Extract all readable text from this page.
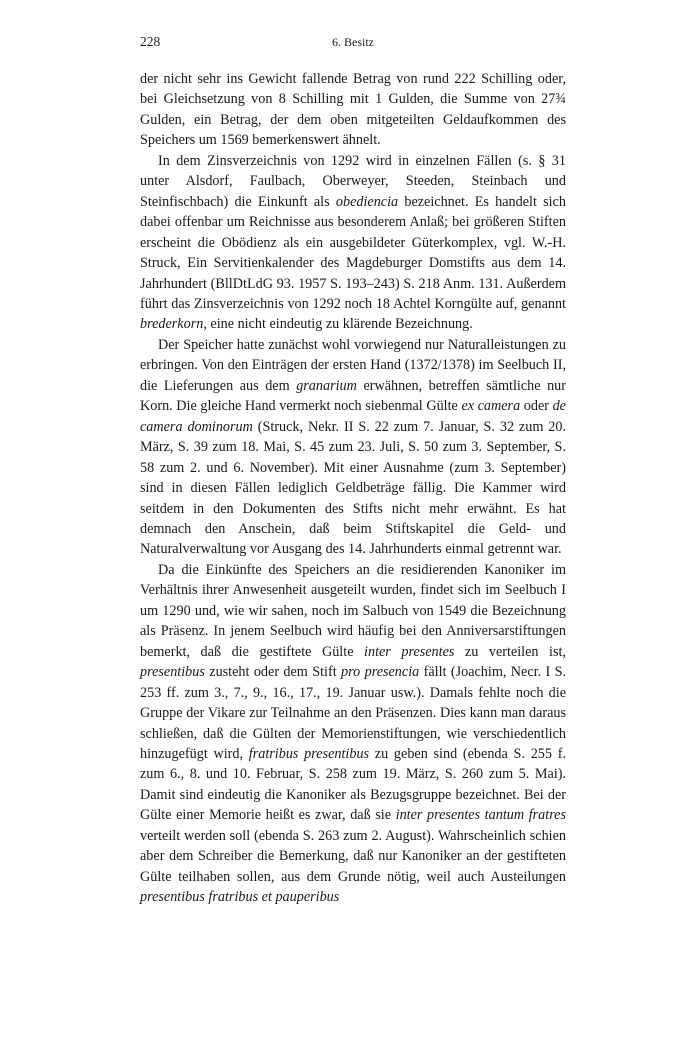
228	6. Besitz

der nicht sehr ins Gewicht fallende Betrag von rund 222 Schilling oder, bei Gleichsetzung von 8 Schilling mit 1 Gulden, die Summe von 27¾ Gulden, ein Betrag, der dem oben mitgeteilten Geldaufkommen des Speichers um 1569 bemerkenswert ähnelt.

In dem Zinsverzeichnis von 1292 wird in einzelnen Fällen (s. § 31 unter Alsdorf, Faulbach, Oberweyer, Steeden, Steinbach und Steinfischbach) die Einkunft als obediencia bezeichnet. Es handelt sich dabei offenbar um Reichnisse aus besonderem Anlaß; bei größeren Stiften erscheint die Obödienz als ein ausgebildeter Güterkomplex, vgl. W.-H. Struck, Ein Servitienkalender des Magdeburger Domstifts aus dem 14. Jahrhundert (BllDtLdG 93. 1957 S. 193–243) S. 218 Anm. 131. Außerdem führt das Zinsverzeichnis von 1292 noch 18 Achtel Korngülte auf, genannt brederkorn, eine nicht eindeutig zu klärende Bezeichnung.

Der Speicher hatte zunächst wohl vorwiegend nur Naturalleistungen zu erbringen. Von den Einträgen der ersten Hand (1372/1378) im Seelbuch II, die Lieferungen aus dem granarium erwähnen, betreffen sämtliche nur Korn. Die gleiche Hand vermerkt noch siebenmal Gülte ex camera oder de camera dominorum (Struck, Nekr. II S. 22 zum 7. Januar, S. 32 zum 20. März, S. 39 zum 18. Mai, S. 45 zum 23. Juli, S. 50 zum 3. September, S. 58 zum 2. und 6. November). Mit einer Ausnahme (zum 3. September) sind in diesen Fällen lediglich Geldbeträge fällig. Die Kammer wird seitdem in den Dokumenten des Stifts nicht mehr erwähnt. Es hat demnach den Anschein, daß beim Stiftskapitel die Geld- und Naturalverwaltung vor Ausgang des 14. Jahrhunderts einmal getrennt war.

Da die Einkünfte des Speichers an die residierenden Kanoniker im Verhältnis ihrer Anwesenheit ausgeteilt wurden, findet sich im Seelbuch I um 1290 und, wie wir sahen, noch im Salbuch von 1549 die Bezeichnung als Präsenz. In jenem Seelbuch wird häufig bei den Anniversarstiftungen bemerkt, daß die gestiftete Gülte inter presentes zu verteilen ist, presentibus zusteht oder dem Stift pro presencia fällt (Joachim, Necr. I S. 253 ff. zum 3., 7., 9., 16., 17., 19. Januar usw.). Damals fehlte noch die Gruppe der Vikare zur Teilnahme an den Präsenzen. Dies kann man daraus schließen, daß die Gülten der Memorienstiftungen, wie verschiedentlich hinzugefügt wird, fratribus presentibus zu geben sind (ebenda S. 255 f. zum 6., 8. und 10. Februar, S. 258 zum 19. März, S. 260 zum 5. Mai). Damit sind eindeutig die Kanoniker als Bezugsgruppe bezeichnet. Bei der Gülte einer Memorie heißt es zwar, daß sie inter presentes tantum fratres verteilt werden soll (ebenda S. 263 zum 2. August). Wahrscheinlich schien aber dem Schreiber die Bemerkung, daß nur Kanoniker an der gestifteten Gülte teilhaben sollen, aus dem Grunde nötig, weil auch Austeilungen presentibus fratribus et pauperibus
